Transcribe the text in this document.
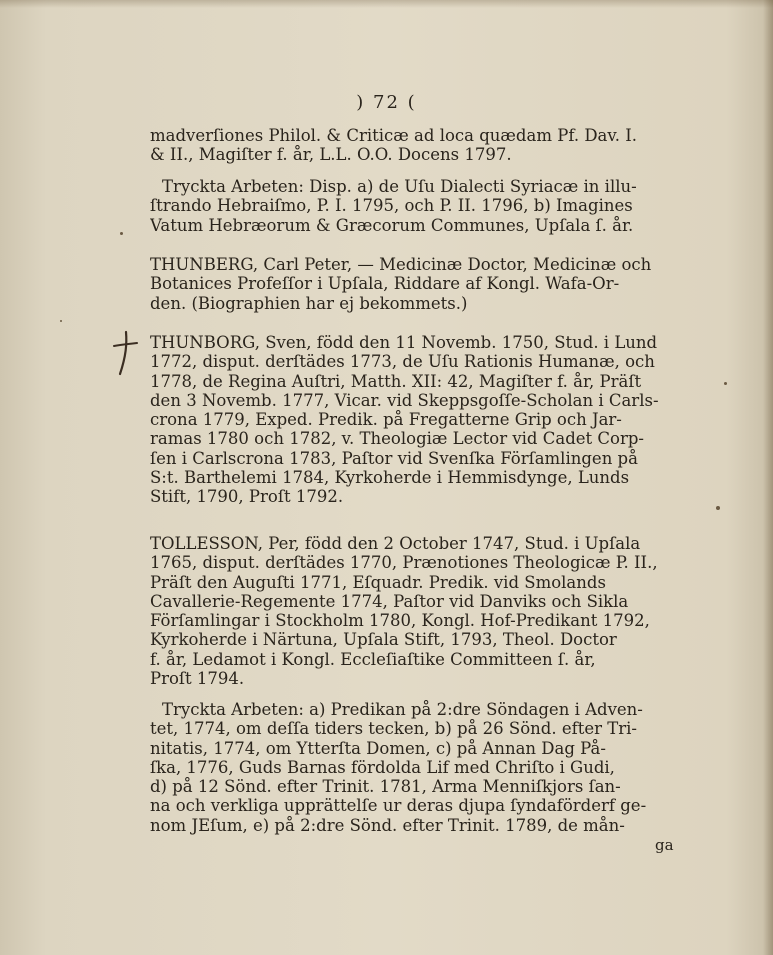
) 72 (
madverſiones Philol. & Criticæ ad loca quædam Pf. Dav. I.
& II., Magiſter f. år, L.L. O.O. Docens 1797.
Tryckta Arbeten: Disp. a) de Uſu Dialecti Syriacæ in illu-
ſtrando Hebraiſmo, P. I. 1795, och P. II. 1796, b) Imagines
Vatum Hebræorum & Græcorum Communes, Upſala ſ. år.
THUNBERG, Carl Peter, — Medicinæ Doctor, Medicinæ och
Botanices Profeſſor i Upſala, Riddare af Kongl. Wafa-Or-
den. (Biographien har ej bekommets.)
THUNBORG, Sven, född den 11 Novemb. 1750, Stud. i Lund
1772, disput. derſtädes 1773, de Uſu Rationis Humanæ, och
1778, de Regina Auſtri, Matth. XII: 42, Magiſter f. år, Präſt
den 3 Novemb. 1777, Vicar. vid Skeppsgoſſe-Scholan i Carls-
crona 1779, Exped. Predik. på Fregatterne Grip och Jar-
ramas 1780 och 1782, v. Theologiæ Lector vid Cadet Corp-
ſen i Carlscrona 1783, Paſtor vid Svenſka Förſamlingen på
S:t. Barthelemi 1784, Kyrkoherde i Hemmisdynge, Lunds
Stift, 1790, Proſt 1792.
TOLLESSON, Per, född den 2 October 1747, Stud. i Upſala
1765, disput. derſtädes 1770, Prænotiones Theologicæ P. II.,
Präſt den Auguſti 1771, Eſquadr. Predik. vid Smolands
Cavallerie-Regemente 1774, Paſtor vid Danviks och Sikla
Förſamlingar i Stockholm 1780, Kongl. Hof-Predikant 1792,
Kyrkoherde i Närtuna, Upſala Stift, 1793, Theol. Doctor
f. år, Ledamot i Kongl. Eccleſiaſtike Committeen ſ. år,
Proſt 1794.
Tryckta Arbeten: a) Predikan på 2:dre Söndagen i Adven-
tet, 1774, om deſſa tiders tecken, b) på 26 Sönd. efter Tri-
nitatis, 1774, om Ytterſta Domen, c) på Annan Dag På-
ſka, 1776, Guds Barnas fördolda Lif med Chriſto i Gudi,
d) på 12 Sönd. efter Trinit. 1781, Arma Menniſkjors ſan-
na och verkliga upprättelſe ur deras djupa ſyndaförderf ge-
nom JEſum, e) på 2:dre Sönd. efter Trinit. 1789, de mån-
ga
